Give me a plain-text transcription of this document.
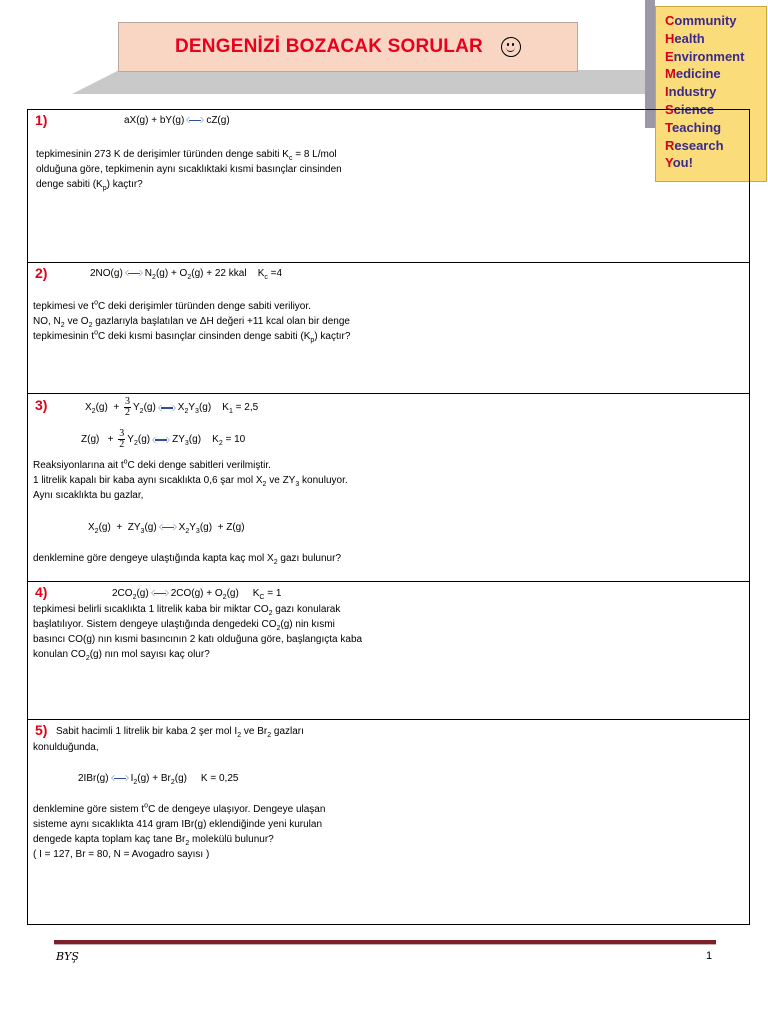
DENGENİZİ BOZACAK SORULAR
Community
Health
Environment
Medicine
Industry
Science
Teaching
Research
You!
1)	aX(g) + bY(g) cZ(g)
tepkimesinin 273 K de derişimler türünden denge sabiti $K_c = 8$ L/mol
olduğuna göre, tepkimenin aynı sıcaklıktaki kısmi basınçlar cinsinden
denge sabiti $(K_p)$ kaçtır?
2)	2NO(g) $N_2(g) + O_2(g) + 22$ kkal $K_c =4$
tepkimesi ve $t^oC$ deki derişimler türünden denge sabiti veriliyor.
NO, $N_2$ ve $O_2$ gazlarıyla başlatılan ve ΔH değeri +11 kcal olan bir denge
tepkimesinin $t^oC$ deki kısmi basınçlar cinsinden denge sabiti $(K_p)$ kaçtır?
3)	$X_2(g) + \frac{3}{2} Y_2(g)$ $X_2Y_3(g)$    $K_1 = 2,5$
$Z(g) + \frac{3}{2} Y_2(g)$ $ZY_3(g)$    $K_2 = 10$
Reaksiyonlarına ait $t^oC$ deki denge sabitleri verilmiştir.
1 litrelik kapalı bir kaba aynı sıcaklıkta 0,6 şar mol $X_2$ ve $ZY_3$ konuluyor.
Aynı sıcaklıkta bu gazlar,
$X_2(g) + ZY_3(g) X_2Y_3(g) + Z(g)$
denklemine göre dengeye ulaştığında kapta kaç mol $X_2$ gazı bulunur?
4)	$2CO_2(g) 2CO(g) + O_2(g) K_C = 1$
tepkimesi belirli sıcaklıkta 1 litrelik kaba bir miktar $CO_2$ gazı konularak
başlatılıyor. Sistem dengeye ulaştığında dengedeki $CO_2(g)$ nin kısmi
basıncı CO(g) nın kısmi basıncının 2 katı olduğuna göre, başlangıçta kaba
konulan $CO_2(g)$ nın mol sayısı kaç olur?
5) Sabit hacimli 1 litrelik bir kaba 2 şer mol $I_2$ ve $Br_2$ gazları
konulduğunda,
2IBr(g) $I_2(g) + Br_2(g) K = 0,25$
denklemine göre sistem $t^oC$ de dengeye ulaşıyor. Dengeye ulaşan
sisteme aynı sıcaklıkta 414 gram IBr(g) eklendiğinde yeni kurulan
dengede kapta toplam kaç tane $Br_2$ molekülü bulunur?
( I = 127, Br = 80, N = Avogadro sayısı )
ΒΥŞ	1
